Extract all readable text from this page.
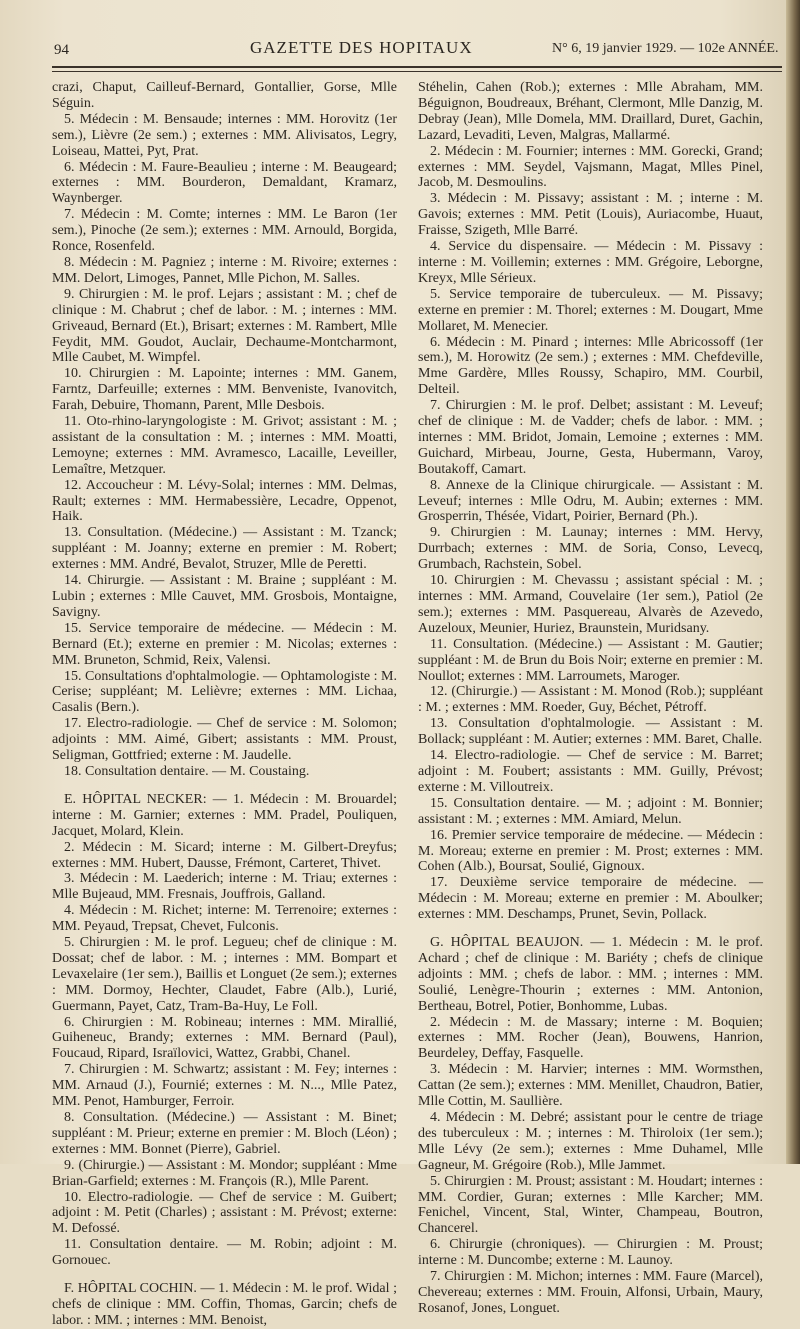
94	GAZETTE DES HOPITAUX	N° 6, 19 janvier 1929. — 102e ANNÉE.

crazi, Chaput, Cailleuf-Bernard, Gontallier, Gorse, Mlle Séguin.

5. Médecin : M. Bensaude; internes : MM. Horovitz (1er sem.), Lièvre (2e sem.) ; externes : MM. Alivisatos, Legry, Loiseau, Mattei, Pyt, Prat.

6. Médecin : M. Faure-Beaulieu ; interne : M. Beaugeard; externes : MM. Bourderon, Demaldant, Kramarz, Waynberger.

7. Médecin : M. Comte; internes : MM. Le Baron (1er sem.), Pinoche (2e sem.); externes : MM. Arnould, Borgida, Ronce, Rosenfeld.

8. Médecin : M. Pagniez ; interne : M. Rivoire; externes : MM. Delort, Limoges, Pannet, Mlle Pichon, M. Salles.

9. Chirurgien : M. le prof. Lejars ; assistant : M. ; chef de clinique : M. Chabrut ; chef de labor. : M. ; internes : MM. Griveaud, Bernard (Et.), Brisart; externes : M. Rambert, Mlle Feydit, MM. Goudot, Auclair, Dechaume-Montcharmont, Mlle Caubet, M. Wimpfel.

10. Chirurgien : M. Lapointe; internes : MM. Ganem, Farntz, Darfeuille; externes : MM. Benveniste, Ivanovitch, Farah, Debuire, Thomann, Parent, Mlle Desbois.

11. Oto-rhino-laryngologiste : M. Grivot; assistant : M. ; assistant de la consultation : M. ; internes : MM. Moatti, Lemoyne; externes : MM. Avramesco, Lacaille, Leveiller, Lemaître, Metzquer.

12. Accoucheur : M. Lévy-Solal; internes : MM. Delmas, Rault; externes : MM. Hermabessière, Lecadre, Oppenot, Haik.

13. Consultation. (Médecine.) — Assistant : M. Tzanck; suppléant : M. Joanny; externe en premier : M. Robert; externes : MM. André, Bevalot, Struzer, Mlle de Peretti.

14. Chirurgie. — Assistant : M. Braine ; suppléant : M. Lubin ; externes : Mlle Cauvet, MM. Grosbois, Montaigne, Savigny.

15. Service temporaire de médecine. — Médecin : M. Bernard (Et.); externe en premier : M. Nicolas; externes : MM. Bruneton, Schmid, Reix, Valensi.

15. Consultations d'ophtalmologie. — Ophtamologiste : M. Cerise; suppléant; M. Lelièvre; externes : MM. Lichaa, Casalis (Bern.).

17. Electro-radiologie. — Chef de service : M. Solomon; adjoints : MM. Aimé, Gibert; assistants : MM. Proust, Seligman, Gottfried; externe : M. Jaudelle.

18. Consultation dentaire. — M. Coustaing.

E. HÔPITAL NECKER: — 1. Médecin : M. Brouardel; interne : M. Garnier; externes : MM. Pradel, Pouliquen, Jacquet, Molard, Klein.

2. Médecin : M. Sicard; interne : M. Gilbert-Dreyfus; externes : MM. Hubert, Dausse, Frémont, Carteret, Thivet.

3. Médecin : M. Laederich; interne : M. Triau; externes : Mlle Bujeaud, MM. Fresnais, Jouffrois, Galland.

4. Médecin : M. Richet; interne: M. Terrenoire; externes : MM. Peyaud, Trepsat, Chevet, Fulconis.

5. Chirurgien : M. le prof. Legueu; chef de clinique : M. Dossat; chef de labor. : M. ; internes : MM. Bompart et Levaxelaire (1er sem.), Baillis et Longuet (2e sem.); externes : MM. Dormoy, Hechter, Claudet, Fabre (Alb.), Lurié, Guermann, Payet, Catz, Tram-Ba-Huy, Le Foll.

6. Chirurgien : M. Robineau; internes : MM. Mirallié, Guiheneuc, Brandy; externes : MM. Bernard (Paul), Foucaud, Ripard, Israïlovici, Wattez, Grabbi, Chanel.

7. Chirurgien : M. Schwartz; assistant : M. Fey; internes : MM. Arnaud (J.), Fournié; externes : M. N..., Mlle Patez, MM. Penot, Hamburger, Ferroir.

8. Consultation. (Médecine.) — Assistant : M. Binet; suppléant : M. Prieur; externe en premier : M. Bloch (Léon) ; externes : MM. Bonnet (Pierre), Gabriel.

9. (Chirurgie.) — Assistant : M. Mondor; suppléant : Mme Brian-Garfield; externes : M. François (R.), Mlle Parent.

10. Electro-radiologie. — Chef de service : M. Guibert; adjoint : M. Petit (Charles) ; assistant : M. Prévost; externe: M. Defossé.

11. Consultation dentaire. — M. Robin; adjoint : M. Gornouec.

F. HÔPITAL COCHIN. — 1. Médecin : M. le prof. Widal ; chefs de clinique : MM. Coffin, Thomas, Garcin; chefs de labor. : MM. ; internes : MM. Benoist,

Stéhelin, Cahen (Rob.); externes : Mlle Abraham, MM. Béguignon, Boudreaux, Bréhant, Clermont, Mlle Danzig, M. Debray (Jean), Mlle Domela, MM. Draillard, Duret, Gachin, Lazard, Levaditi, Leven, Malgras, Mallarmé.

2. Médecin : M. Fournier; internes : MM. Gorecki, Grand; externes : MM. Seydel, Vajsmann, Magat, Mlles Pinel, Jacob, M. Desmoulins.

3. Médecin : M. Pissavy; assistant : M. ; interne : M. Gavois; externes : MM. Petit (Louis), Auriacombe, Huaut, Fraisse, Szigeth, Mlle Barré.

4. Service du dispensaire. — Médecin : M. Pissavy : interne : M. Voillemin; externes : MM. Grégoire, Leborgne, Kreyx, Mlle Sérieux.

5. Service temporaire de tuberculeux. — M. Pissavy; externe en premier : M. Thorel; externes : M. Dougart, Mme Mollaret, M. Menecier.

6. Médecin : M. Pinard ; internes: Mlle Abricossoff (1er sem.), M. Horowitz (2e sem.) ; externes : MM. Chefdeville, Mme Gardère, Mlles Roussy, Schapiro, MM. Courbil, Delteil.

7. Chirurgien : M. le prof. Delbet; assistant : M. Leveuf; chef de clinique : M. de Vadder; chefs de labor. : MM. ; internes : MM. Bridot, Jomain, Lemoine ; externes : MM. Guichard, Mirbeau, Journe, Gesta, Hubermann, Varoy, Boutakoff, Camart.

8. Annexe de la Clinique chirurgicale. — Assistant : M. Leveuf; internes : Mlle Odru, M. Aubin; externes : MM. Grosperrin, Thésée, Vidart, Poirier, Bernard (Ph.).

9. Chirurgien : M. Launay; internes : MM. Hervy, Durrbach; externes : MM. de Soria, Conso, Levecq, Grumbach, Rachstein, Sobel.

10. Chirurgien : M. Chevassu ; assistant spécial : M. ; internes : MM. Armand, Couvelaire (1er sem.), Patiol (2e sem.); externes : MM. Pasquereau, Alvarès de Azevedo, Auzeloux, Meunier, Huriez, Braunstein, Muridsany.

11. Consultation. (Médecine.) — Assistant : M. Gautier; suppléant : M. de Brun du Bois Noir; externe en premier : M. Noullot; externes : MM. Larroumets, Maroger.

12. (Chirurgie.) — Assistant : M. Monod (Rob.); suppléant : M. ; externes : MM. Roeder, Guy, Béchet, Pétroff.

13. Consultation d'ophtalmologie. — Assistant : M. Bollack; suppléant : M. Autier; externes : MM. Baret, Challe.

14. Electro-radiologie. — Chef de service : M. Barret; adjoint : M. Foubert; assistants : MM. Guilly, Prévost; externe : M. Villoutreix.

15. Consultation dentaire. — M. ; adjoint : M. Bonnier; assistant : M. ; externes : MM. Amiard, Melun.

16. Premier service temporaire de médecine. — Médecin : M. Moreau; externe en premier : M. Prost; externes : MM. Cohen (Alb.), Boursat, Soulié, Gignoux.

17. Deuxième service temporaire de médecine. — Médecin : M. Moreau; externe en premier : M. Aboulker; externes : MM. Deschamps, Prunet, Sevin, Pollack.

G. HÔPITAL BEAUJON. — 1. Médecin : M. le prof. Achard ; chef de clinique : M. Bariéty ; chefs de clinique adjoints : MM. ; chefs de labor. : MM. ; internes : MM. Soulié, Lenègre-Thourin ; externes : MM. Antonion, Bertheau, Botrel, Potier, Bonhomme, Lubas.

2. Médecin : M. de Massary; interne : M. Boquien; externes : MM. Rocher (Jean), Bouwens, Hanrion, Beurdeley, Deffay, Fasquelle.

3. Médecin : M. Harvier; internes : MM. Wormsthen, Cattan (2e sem.); externes : MM. Menillet, Chaudron, Batier, Mlle Cottin, M. Saullière.

4. Médecin : M. Debré; assistant pour le centre de triage des tuberculeux : M. ; internes : M. Thiroloix (1er sem.); Mlle Lévy (2e sem.); externes : Mme Duhamel, Mlle Gagneur, M. Grégoire (Rob.), Mlle Jammet.

5. Chirurgien : M. Proust; assistant : M. Houdart; internes : MM. Cordier, Guran; externes : Mlle Karcher; MM. Fenichel, Vincent, Stal, Winter, Champeau, Boutron, Chancerel.

6. Chirurgie (chroniques). — Chirurgien : M. Proust; interne : M. Duncombe; externe : M. Launoy.

7. Chirurgien : M. Michon; internes : MM. Faure (Marcel), Chevereau; externes : MM. Frouin, Alfonsi, Urbain, Maury, Rosanof, Jones, Longuet.
